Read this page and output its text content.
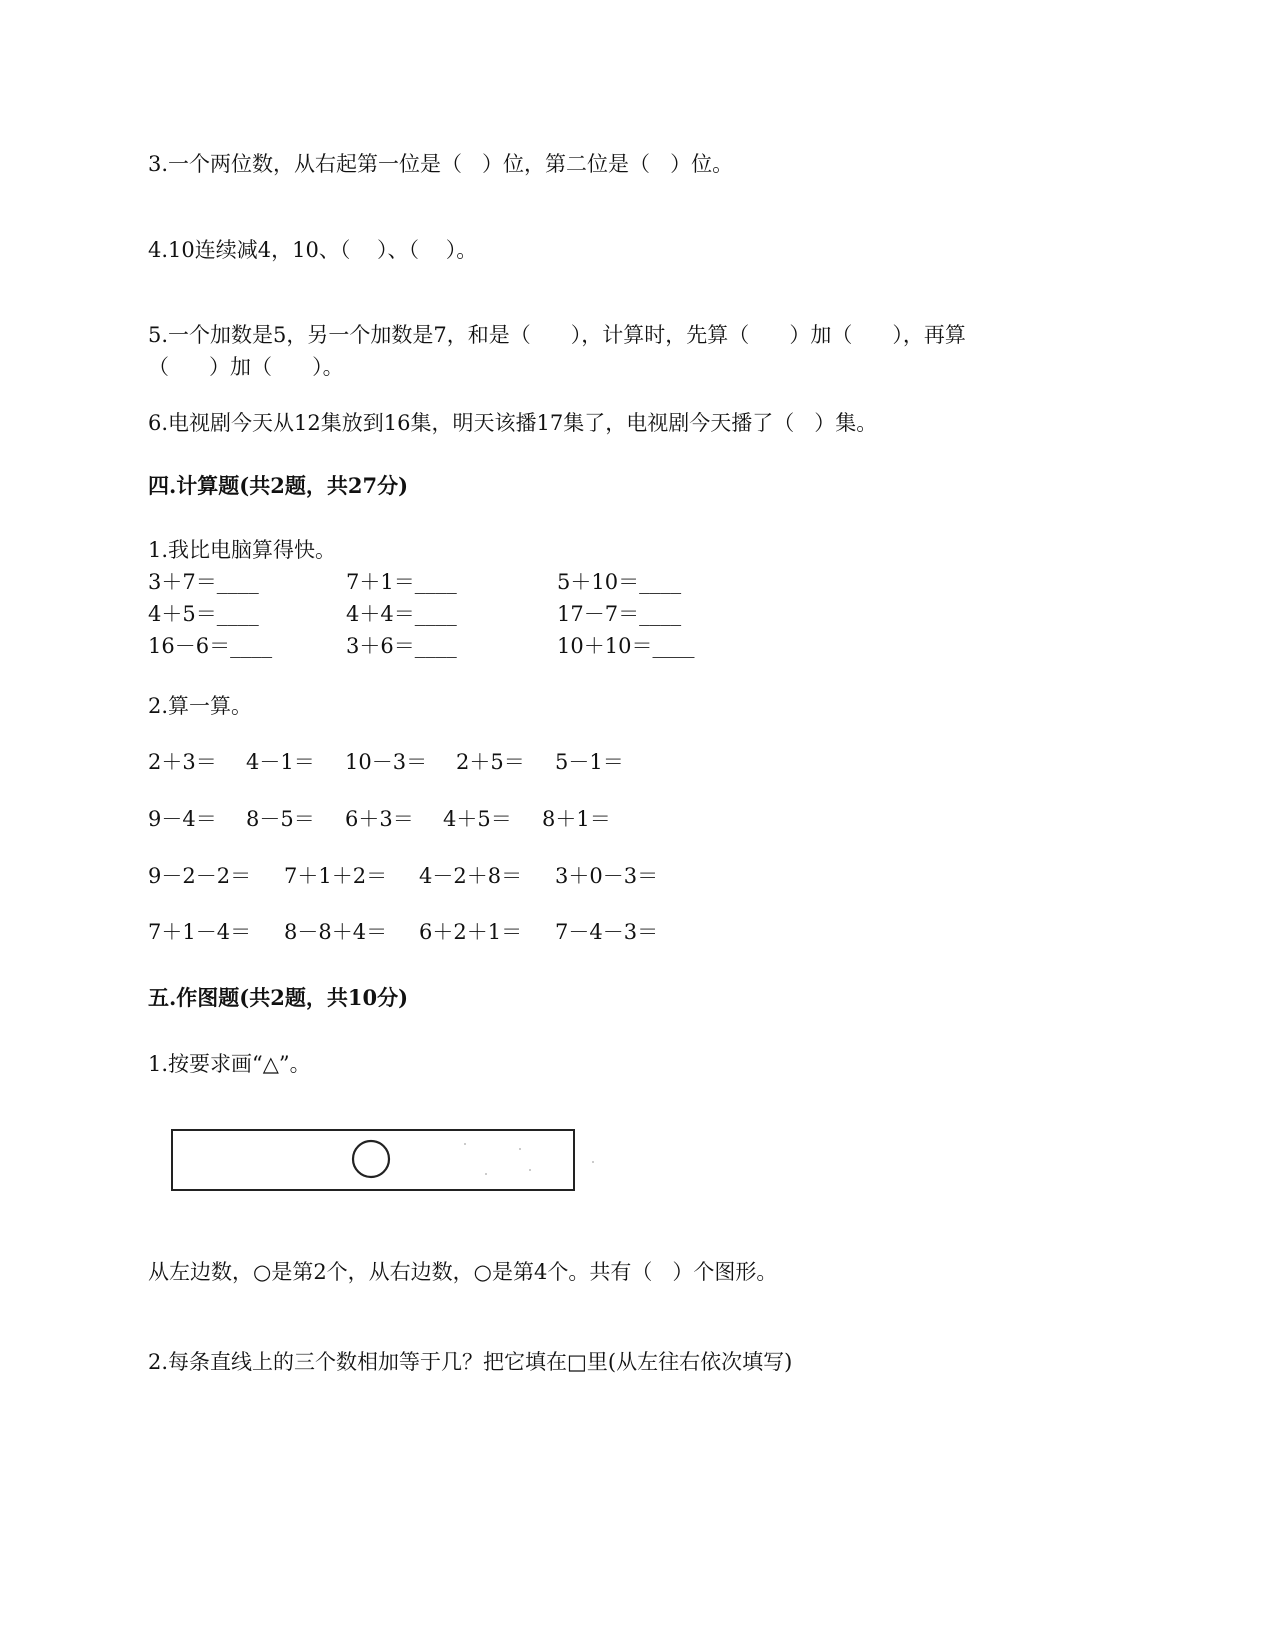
3.一个两位数，从右起第一位是（   ）位，第二位是（   ）位。
4.10连续减4，10、（    ）、（    ）。
5.一个加数是5，另一个加数是7，和是（      ），计算时，先算（      ）加（      ），再算
（      ）加（      ）。
6.电视剧今天从12集放到16集，明天该播17集了，电视剧今天播了（   ）集。
四.计算题(共2题，共27分)
1.我比电脑算得快。
3＋7＝____	7＋1＝____	5＋10＝____
4＋5＝____	4＋4＝____	17－7＝____
16－6＝____	3＋6＝____	10＋10＝____
2.算一算。
2＋3＝ 4－1＝ 10－3＝ 2＋5＝ 5－1＝
9－4＝ 8－5＝ 6＋3＝ 4＋5＝ 8＋1＝
9－2－2＝ 7＋1＋2＝ 4－2＋8＝ 3＋0－3＝
7＋1－4＝ 8－8＋4＝ 6＋2＋1＝ 7－4－3＝
五.作图题(共2题，共10分)
1.按要求画“△”。
从左边数，○是第2个，从右边数，○是第4个。共有（   ）个图形。
2.每条直线上的三个数相加等于几？把它填在□里(从左往右依次填写)
